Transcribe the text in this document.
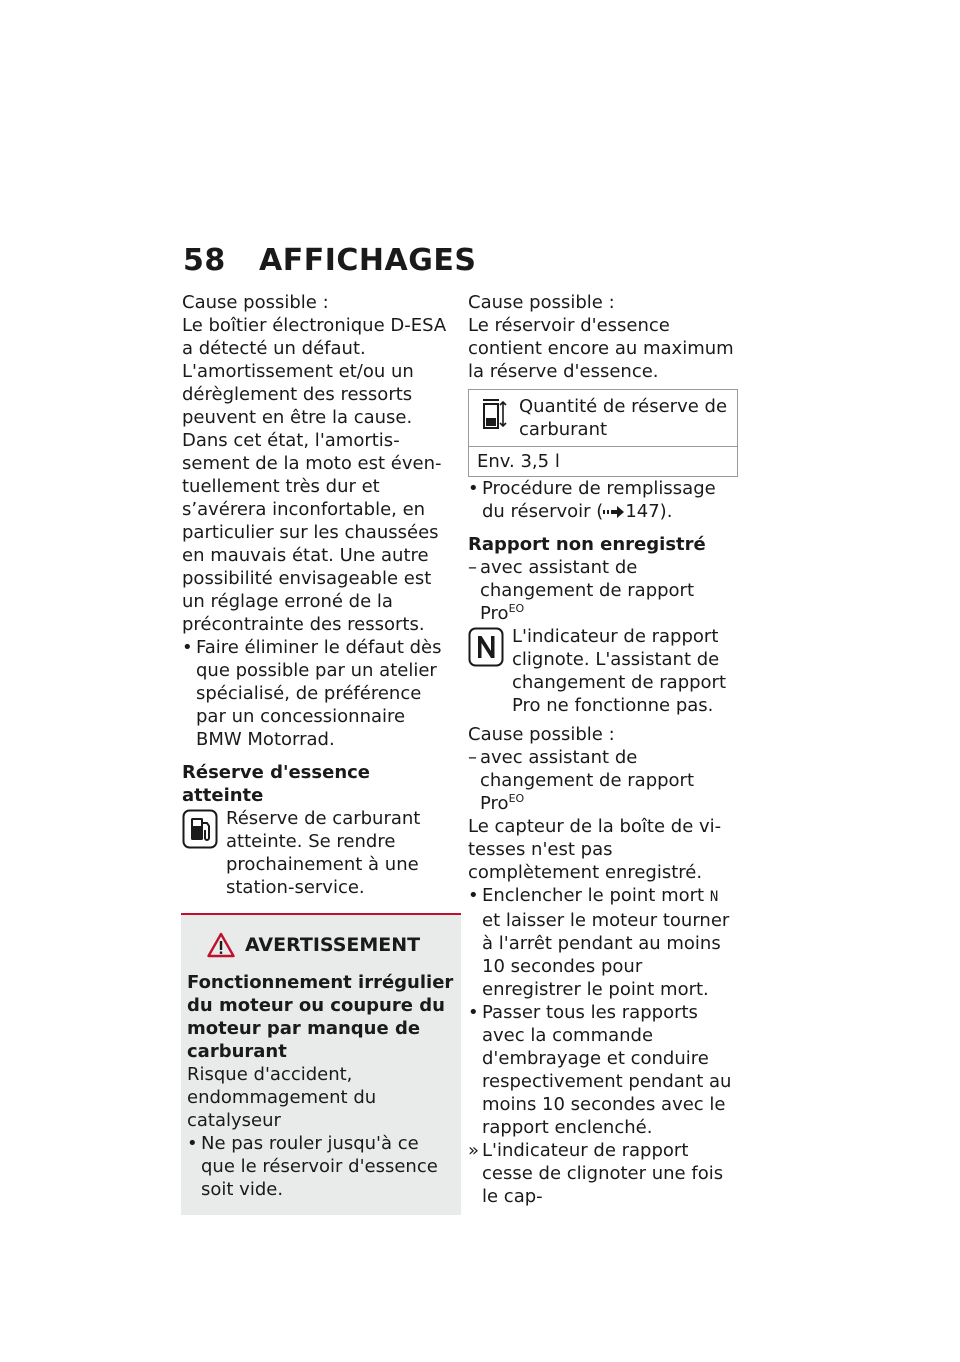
58 AFFICHAGES

Cause possible :

Le boîtier électronique D-ESA a détecté un défaut. L'amortissement et/ou un dérèglement des ressorts peuvent en être la cause. Dans cet état, l'amortissement de la moto est éventuellement très dur et s’avérera inconfortable, en particulier sur les chaussées en mauvais état. Une autre possibilité envisageable est un réglage erroné de la précontrainte des ressorts.

• Faire éliminer le défaut dès que possible par un atelier spécialisé, de préférence par un concessionnaire BMW Motorrad.

Réserve d'essence atteinte

Réserve de carburant atteinte. Se rendre prochainement à une station-service.
AVERTISSEMENT

Fonctionnement irrégulier du moteur ou coupure du moteur par manque de carburant

Risque d'accident, endommagement du catalyseur

• Ne pas rouler jusqu'à ce que le réservoir d'essence soit vide.

Cause possible :

Le réservoir d'essence contient encore au maximum la réserve d'essence.

Quantité de réserve de carburant
Env. 3,5 l
• Procédure de remplissage du réservoir ( 147).

Rapport non enregistré

– avec assistant de changement de rapport Pro$^{EO}$
L'indicateur de rapport clignote. L'assistant de changement de rapport Pro ne fonctionne pas.

Cause possible :

– avec assistant de changement de rapport Pro$^{EO}$

Le capteur de la boîte de vitesses n'est pas complètement enregistré.

• Enclencher le point mort N
et laisser le moteur tourner à l'arrêt pendant au moins 10 secondes pour enregistrer le point mort.
• Passer tous les rapports avec la commande d'embrayage et conduire respectivement pendant au moins 10 secondes avec le rapport enclenché.
» L'indicateur de rapport cesse de clignoter une fois le cap-
